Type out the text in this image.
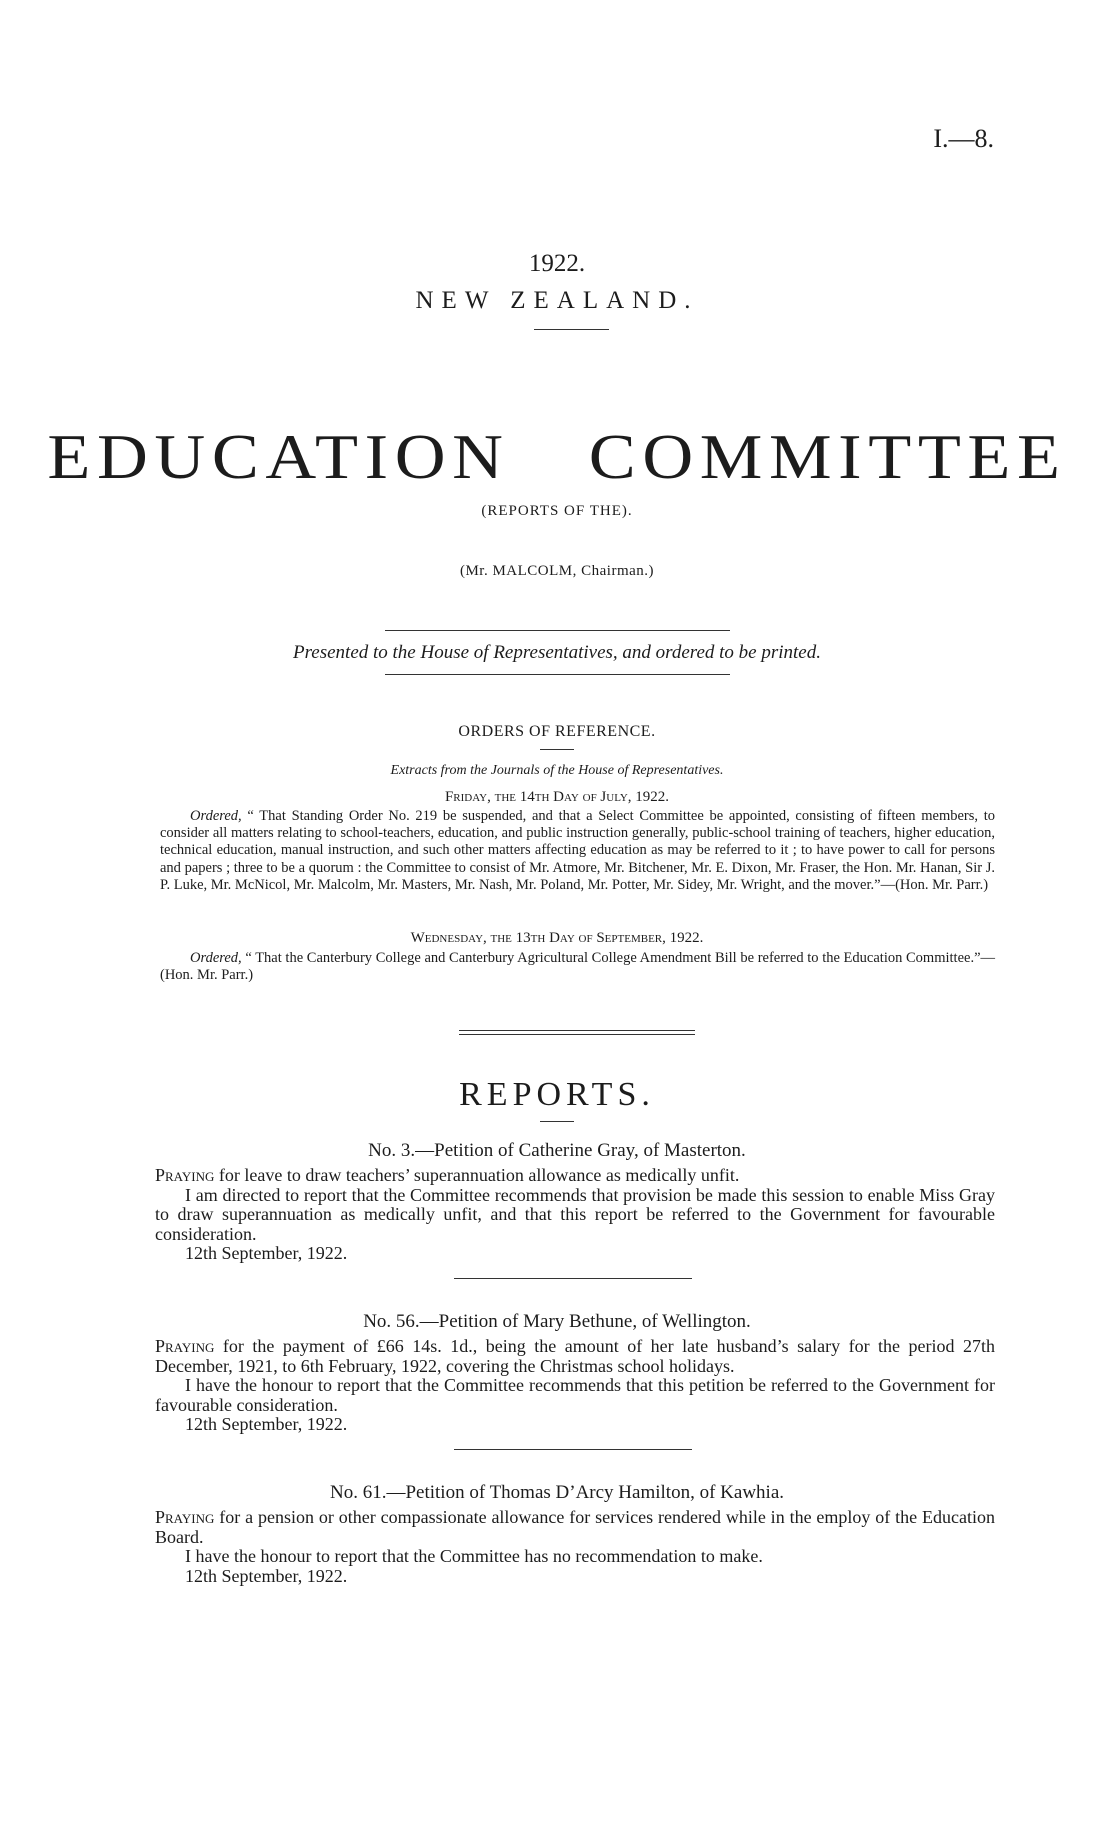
I.—8.
1922.
NEW ZEALAND.
EDUCATION COMMITTEE
(REPORTS OF THE).
(Mr. MALCOLM, Chairman.)
Presented to the House of Representatives, and ordered to be printed.
ORDERS OF REFERENCE.
Extracts from the Journals of the House of Representatives.
Friday, the 14th Day of July, 1922.

Ordered, “ That Standing Order No. 219 be suspended, and that a Select Committee be appointed, consisting of fifteen members, to consider all matters relating to school-teachers, education, and public instruction generally, public-school training of teachers, higher education, technical education, manual instruction, and such other matters affecting education as may be referred to it ; to have power to call for persons and papers ; three to be a quorum : the Committee to consist of Mr. Atmore, Mr. Bitchener, Mr. E. Dixon, Mr. Fraser, the Hon. Mr. Hanan, Sir J. P. Luke, Mr. McNicol, Mr. Malcolm, Mr. Masters, Mr. Nash, Mr. Poland, Mr. Potter, Mr. Sidey, Mr. Wright, and the mover.”—(Hon. Mr. Parr.)

Wednesday, the 13th Day of September, 1922.

Ordered, “ That the Canterbury College and Canterbury Agricultural College Amendment Bill be referred to the Education Committee.”—(Hon. Mr. Parr.)

REPORTS.
No. 3.—Petition of Catherine Gray, of Masterton.

Praying for leave to draw teachers’ superannuation allowance as medically unfit.

I am directed to report that the Committee recommends that provision be made this session to enable Miss Gray to draw superannuation as medically unfit, and that this report be referred to the Government for favourable consideration.

12th September, 1922.

No. 56.—Petition of Mary Bethune, of Wellington.

Praying for the payment of £66 14s. 1d., being the amount of her late husband’s salary for the period 27th December, 1921, to 6th February, 1922, covering the Christmas school holidays.

I have the honour to report that the Committee recommends that this petition be referred to the Government for favourable consideration.

12th September, 1922.

No. 61.—Petition of Thomas D’Arcy Hamilton, of Kawhia.

Praying for a pension or other compassionate allowance for services rendered while in the employ of the Education Board.

I have the honour to report that the Committee has no recommendation to make.

12th September, 1922.
